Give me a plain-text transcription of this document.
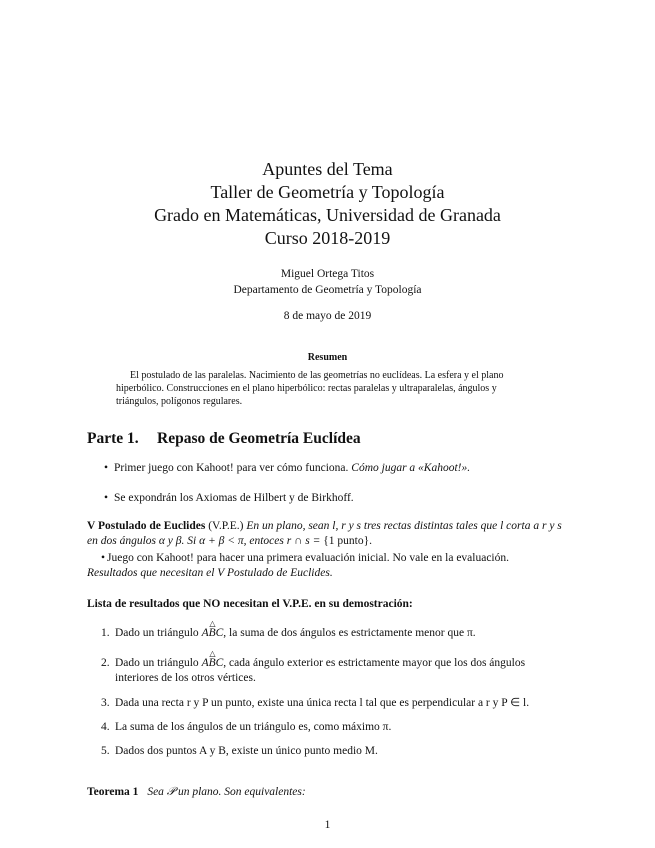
Apuntes del Tema
Taller de Geometría y Topología
Grado en Matemáticas, Universidad de Granada
Curso 2018-2019
Miguel Ortega Titos
Departamento de Geometría y Topología
8 de mayo de 2019
Resumen
El postulado de las paralelas. Nacimiento de las geometrías no euclídeas. La esfera y el plano hiperbólico. Construcciones en el plano hiperbólico: rectas paralelas y ultraparalelas, ángulos y triángulos, polígonos regulares.
Parte 1. Repaso de Geometría Euclídea
• Primer juego con Kahoot! para ver cómo funciona. Cómo jugar a «Kahoot!».
• Se expondrán los Axiomas de Hilbert y de Birkhoff.
V Postulado de Euclides (V.P.E.) En un plano, sean l, r y s tres rectas distintas tales que l corta a r y s en dos ángulos α y β. Si α + β < π, entoces r ∩ s = {1 punto}.
• Juego con Kahoot! para hacer una primera evaluación inicial. No vale en la evaluación. Resultados que necesitan el V Postulado de Euclides.
Lista de resultados que NO necesitan el V.P.E. en su demostración:
1. Dado un triángulo
△
ABC, la suma de dos ángulos es estrictamente menor que π.
2. Dado un triángulo
△
ABC, cada ángulo exterior es estrictamente mayor que los dos ángulos interiores de los otros vértices.
3. Dada una recta r y P un punto, existe una única recta l tal que es perpendicular a r y P ∈ l.
4. La suma de los ángulos de un triángulo es, como máximo π.
5. Dados dos puntos A y B, existe un único punto medio M.
Teorema 1 Sea 𝒫 un plano. Son equivalentes:
1
